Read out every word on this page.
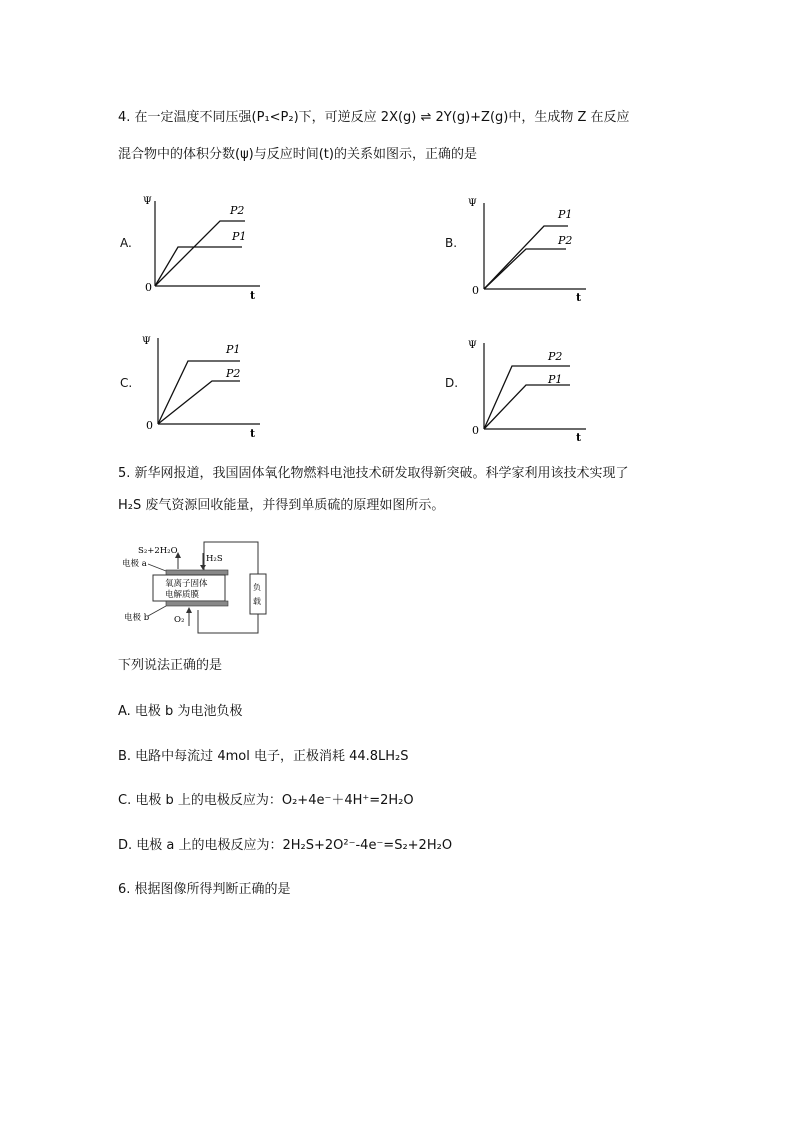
4. 在一定温度不同压强(P₁<P₂)下，可逆反应 2X(g) ⇌ 2Y(g)+Z(g)中，生成物 Z 在反应
混合物中的体积分数(ψ)与反应时间(t)的关系如图示，正确的是
A.
Ψ
0
t
P2
P1	B.
Ψ
0
t
P1
P2
C.
Ψ
0
t
P1
P2
D.
Ψ
0
t
P2
P1
5. 新华网报道，我国固体氧化物燃料电池技术研发取得新突破。科学家利用该技术实现了
H₂S 废气资源回收能量，并得到单质硫的原理如图所示。
负
载
氧离子固体
电解质膜
S₂+2H₂O
H₂S
电极 a
电极 b	O₂
下列说法正确的是
A. 电极 b 为电池负极
B. 电路中每流过 4mol 电子，正极消耗 44.8LH₂S
C. 电极 b 上的电极反应为：O₂+4e⁻＋4H⁺=2H₂O
D. 电极 a 上的电极反应为：2H₂S+2O²⁻-4e⁻=S₂+2H₂O
6. 根据图像所得判断正确的是
